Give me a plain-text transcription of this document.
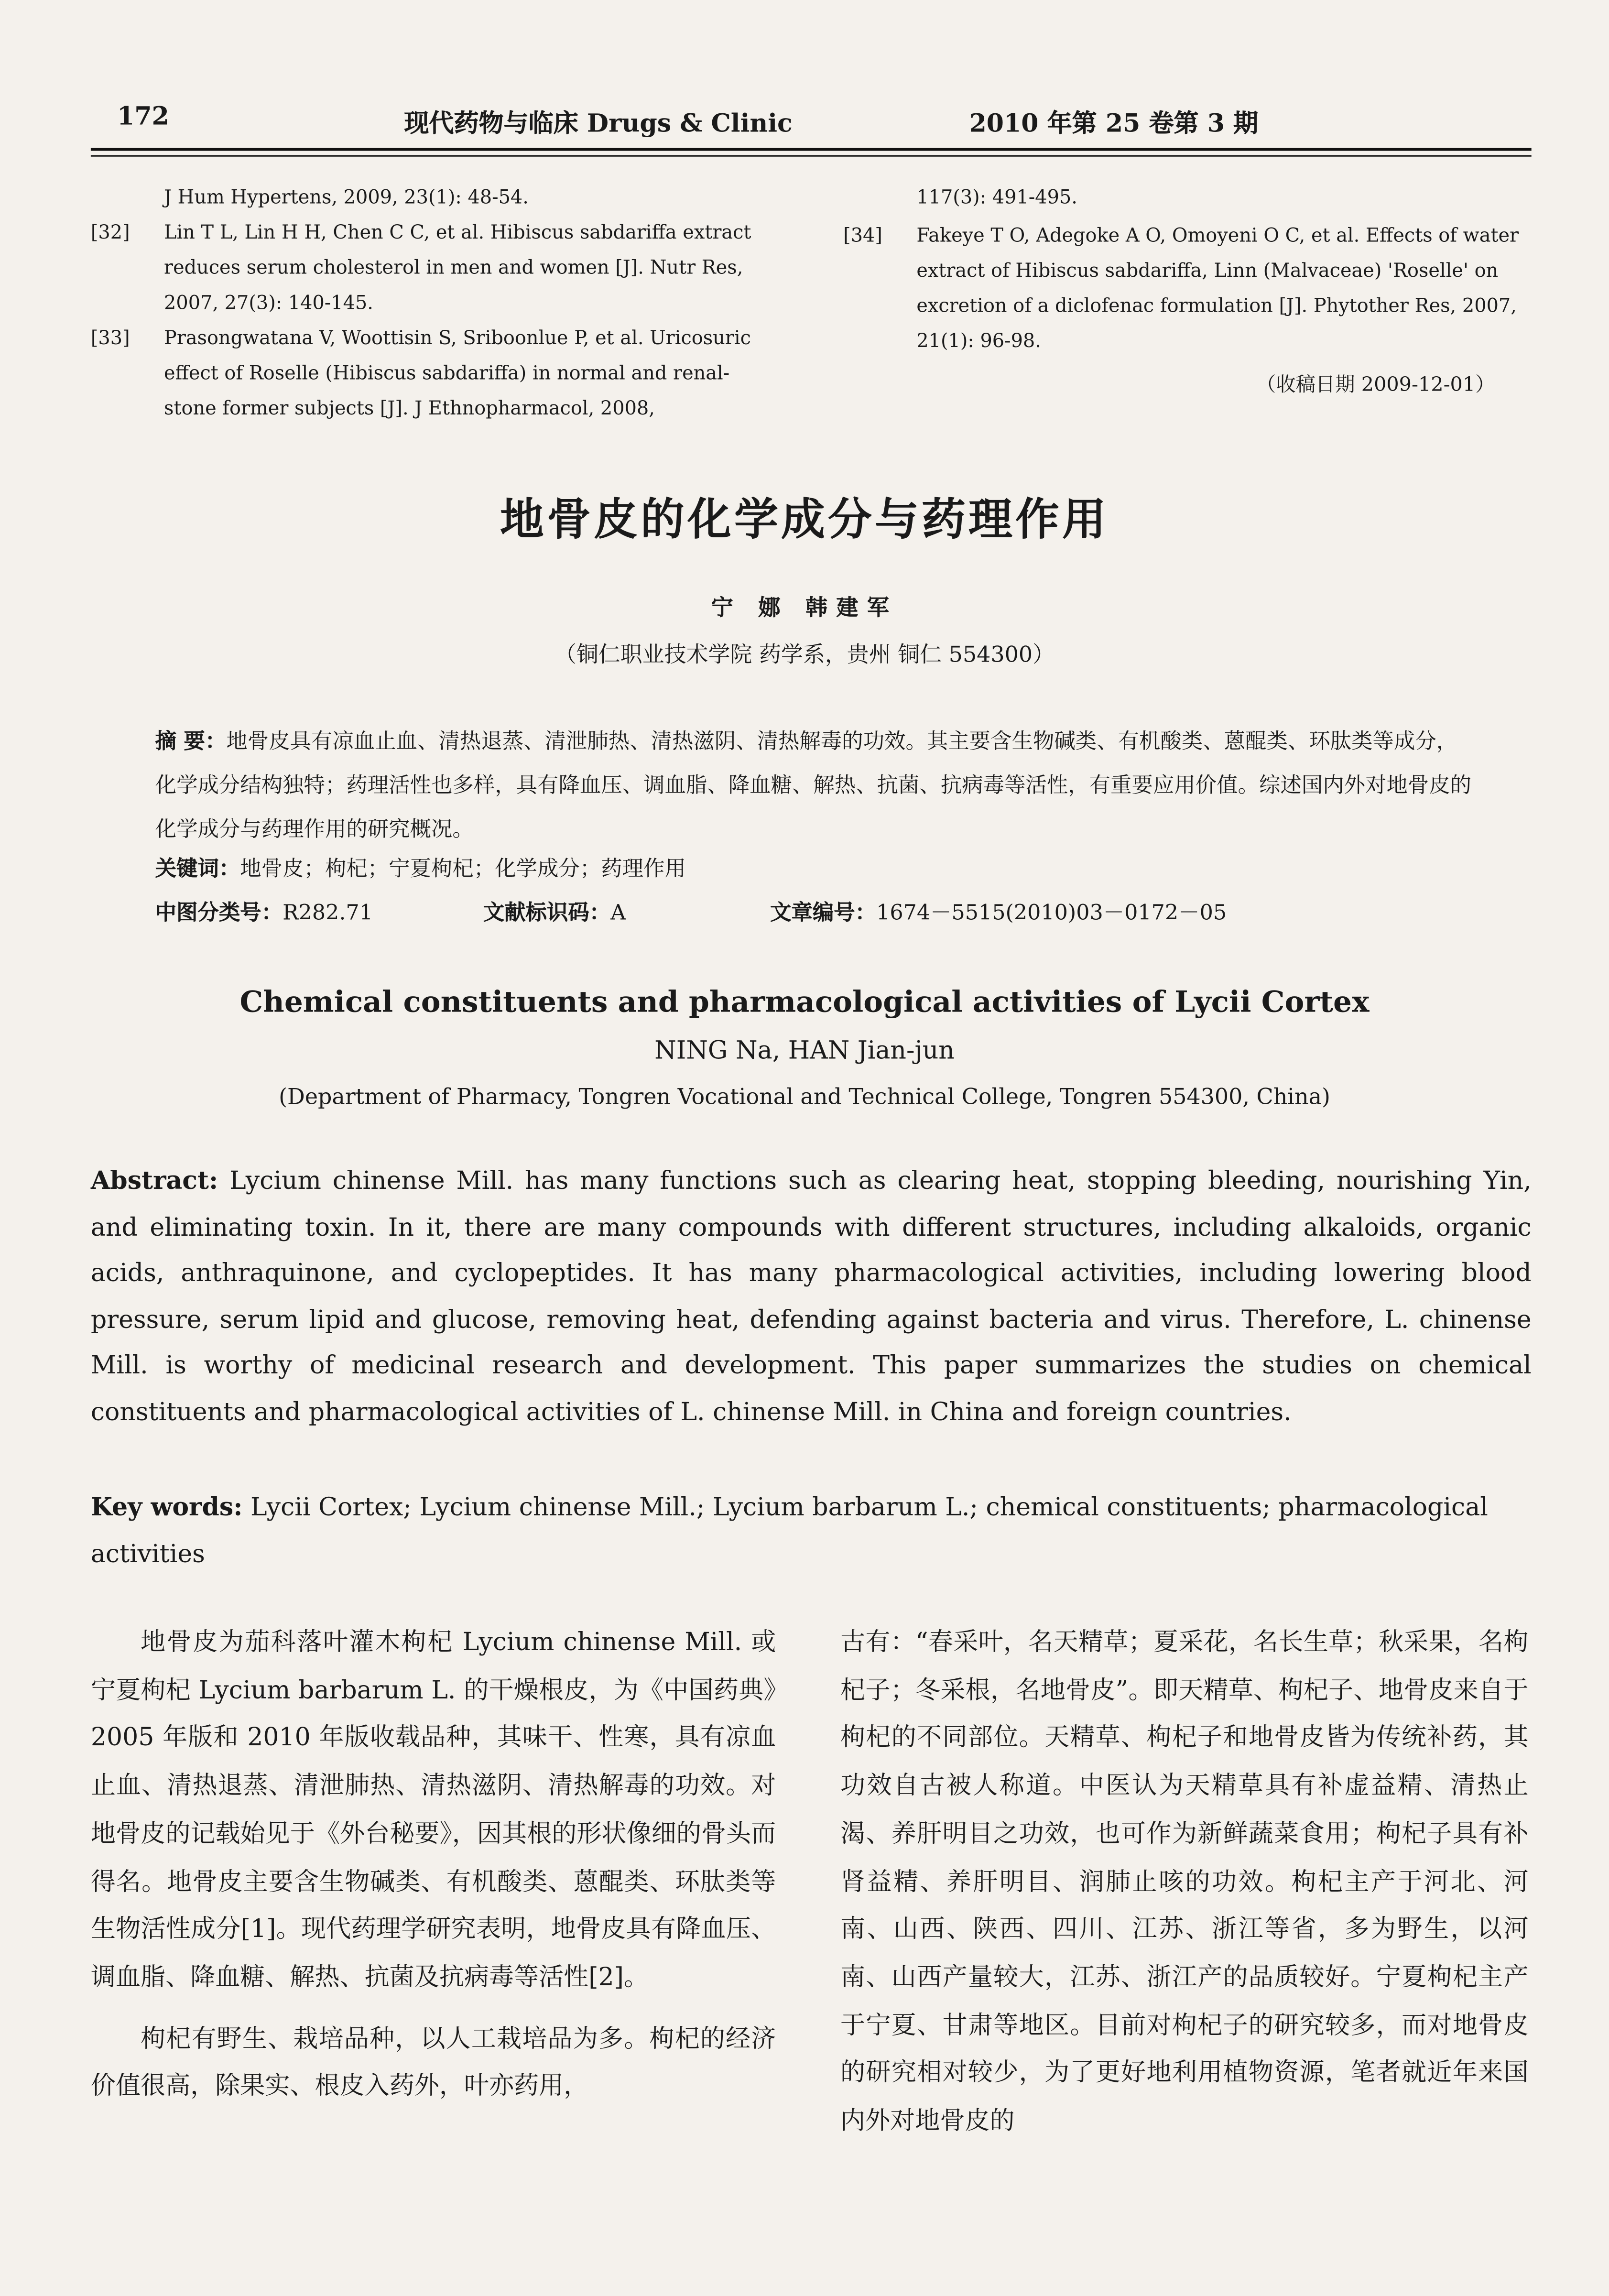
172	现代药物与临床 Drugs & Clinic	2010 年第 25 卷第 3 期
J Hum Hypertens, 2009, 23(1): 48-54.
[32]	Lin T L, Lin H H, Chen C C, et al. Hibiscus sabdariffa extract reduces serum cholesterol in men and women [J]. Nutr Res, 2007, 27(3): 140-145.
[33]	Prasongwatana V, Woottisin S, Sriboonlue P, et al. Uricosuric effect of Roselle (Hibiscus sabdariffa) in normal and renal-stone former subjects [J]. J Ethnopharmacol, 2008,
117(3): 491-495.
[34]	Fakeye T O, Adegoke A O, Omoyeni O C, et al. Effects of water extract of Hibiscus sabdariffa, Linn (Malvaceae) 'Roselle' on excretion of a diclofenac formulation [J]. Phytother Res, 2007, 21(1): 96-98.
（收稿日期 2009-12-01）
地骨皮的化学成分与药理作用
宁 娜 韩建军
（铜仁职业技术学院 药学系，贵州 铜仁 554300）
摘 要：地骨皮具有凉血止血、清热退蒸、清泄肺热、清热滋阴、清热解毒的功效。其主要含生物碱类、有机酸类、蒽醌类、环肽类等成分，化学成分结构独特；药理活性也多样，具有降血压、调血脂、降血糖、解热、抗菌、抗病毒等活性，有重要应用价值。综述国内外对地骨皮的化学成分与药理作用的研究概况。
关键词：地骨皮；枸杞；宁夏枸杞；化学成分；药理作用
中图分类号：R282.71	文献标识码：A	文章编号：1674－5515(2010)03－0172－05
Chemical constituents and pharmacological activities of Lycii Cortex
NING Na, HAN Jian-jun
(Department of Pharmacy, Tongren Vocational and Technical College, Tongren 554300, China)
Abstract: Lycium chinense Mill. has many functions such as clearing heat, stopping bleeding, nourishing Yin, and eliminating toxin. In it, there are many compounds with different structures, including alkaloids, organic acids, anthraquinone, and cyclopeptides. It has many pharmacological activities, including lowering blood pressure, serum lipid and glucose, removing heat, defending against bacteria and virus. Therefore, L. chinense Mill. is worthy of medicinal research and development. This paper summarizes the studies on chemical constituents and pharmacological activities of L. chinense Mill. in China and foreign countries.
Key words: Lycii Cortex; Lycium chinense Mill.; Lycium barbarum L.; chemical constituents; pharmacological activities

地骨皮为茄科落叶灌木枸杞 Lycium chinense Mill. 或宁夏枸杞 Lycium barbarum L. 的干燥根皮，为《中国药典》2005 年版和 2010 年版收载品种，其味干、性寒，具有凉血止血、清热退蒸、清泄肺热、清热滋阴、清热解毒的功效。对地骨皮的记载始见于《外台秘要》，因其根的形状像细的骨头而得名。地骨皮主要含生物碱类、有机酸类、蒽醌类、环肽类等生物活性成分[1]。现代药理学研究表明，地骨皮具有降血压、调血脂、降血糖、解热、抗菌及抗病毒等活性[2]。

枸杞有野生、栽培品种，以人工栽培品为多。枸杞的经济价值很高，除果实、根皮入药外，叶亦药用，

古有：“春采叶，名天精草；夏采花，名长生草；秋采果，名枸杞子；冬采根，名地骨皮”。即天精草、枸杞子、地骨皮来自于枸杞的不同部位。天精草、枸杞子和地骨皮皆为传统补药，其功效自古被人称道。中医认为天精草具有补虚益精、清热止渴、养肝明目之功效，也可作为新鲜蔬菜食用；枸杞子具有补肾益精、养肝明目、润肺止咳的功效。枸杞主产于河北、河南、山西、陕西、四川、江苏、浙江等省，多为野生，以河南、山西产量较大，江苏、浙江产的品质较好。宁夏枸杞主产于宁夏、甘肃等地区。目前对枸杞子的研究较多，而对地骨皮的研究相对较少，为了更好地利用植物资源，笔者就近年来国内外对地骨皮的
